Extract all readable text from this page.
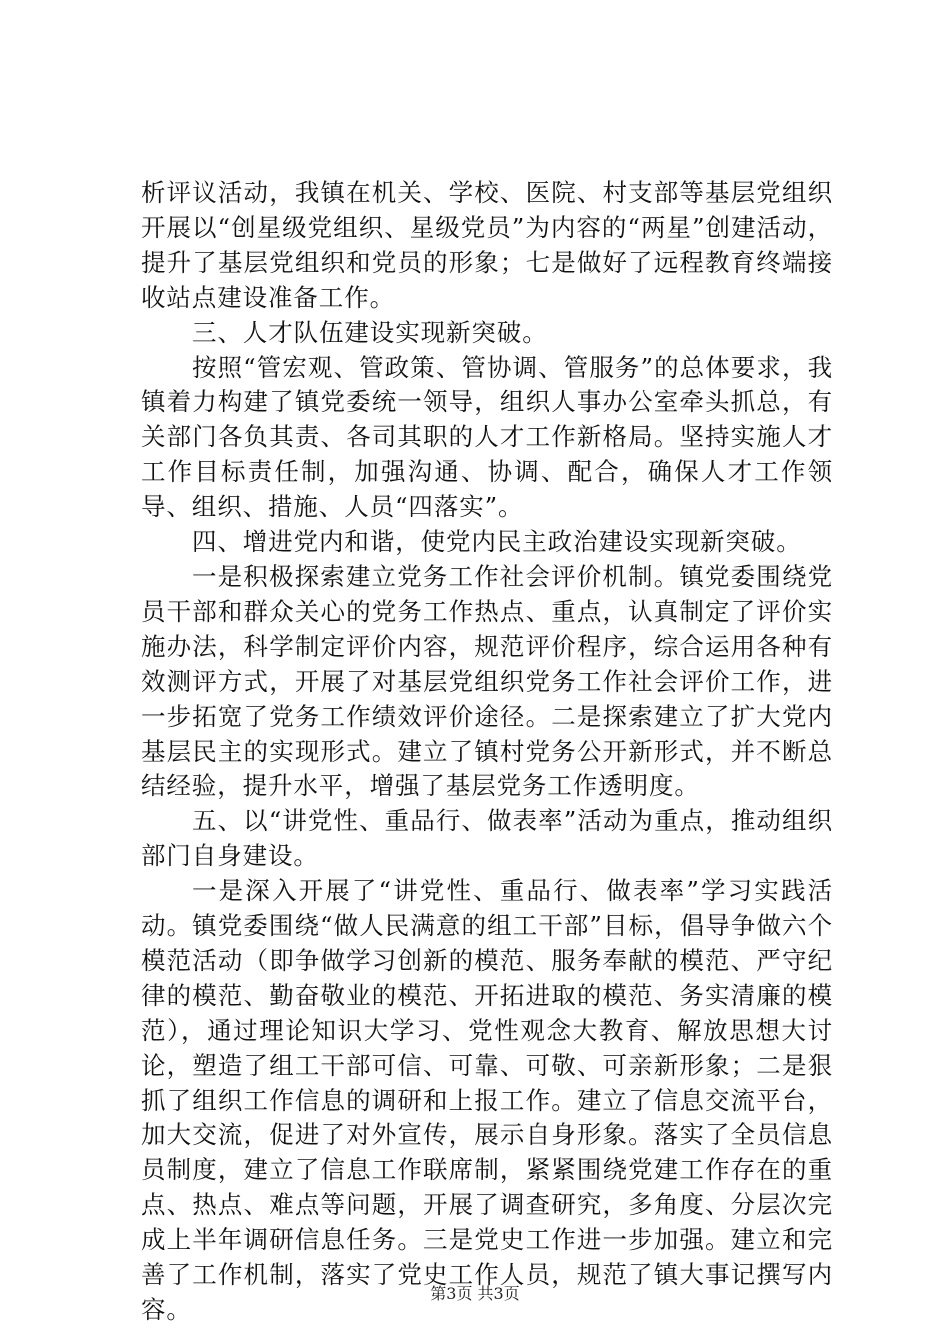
析评议活动，我镇在机关、学校、医院、村支部等基层党组织开展以“创星级党组织、星级党员”为内容的“两星”创建活动，提升了基层党组织和党员的形象；七是做好了远程教育终端接收站点建设准备工作。

三、人才队伍建设实现新突破。

按照“管宏观、管政策、管协调、管服务”的总体要求，我镇着力构建了镇党委统一领导，组织人事办公室牵头抓总，有关部门各负其责、各司其职的人才工作新格局。坚持实施人才工作目标责任制，加强沟通、协调、配合，确保人才工作领导、组织、措施、人员“四落实”。

四、增进党内和谐，使党内民主政治建设实现新突破。

一是积极探索建立党务工作社会评价机制。镇党委围绕党员干部和群众关心的党务工作热点、重点，认真制定了评价实施办法，科学制定评价内容，规范评价程序，综合运用各种有效测评方式，开展了对基层党组织党务工作社会评价工作，进一步拓宽了党务工作绩效评价途径。二是探索建立了扩大党内基层民主的实现形式。建立了镇村党务公开新形式，并不断总结经验，提升水平，增强了基层党务工作透明度。

五、以“讲党性、重品行、做表率”活动为重点，推动组织部门自身建设。

一是深入开展了“讲党性、重品行、做表率”学习实践活动。镇党委围绕“做人民满意的组工干部”目标，倡导争做六个模范活动（即争做学习创新的模范、服务奉献的模范、严守纪律的模范、勤奋敬业的模范、开拓进取的模范、务实清廉的模范），通过理论知识大学习、党性观念大教育、解放思想大讨论，塑造了组工干部可信、可靠、可敬、可亲新形象；二是狠抓了组织工作信息的调研和上报工作。建立了信息交流平台，加大交流，促进了对外宣传，展示自身形象。落实了全员信息员制度，建立了信息工作联席制，紧紧围绕党建工作存在的重点、热点、难点等问题，开展了调查研究，多角度、分层次完成上半年调研信息任务。三是党史工作进一步加强。建立和完善了工作机制，落实了党史工作人员，规范了镇大事记撰写内容。

第3页 共3页
